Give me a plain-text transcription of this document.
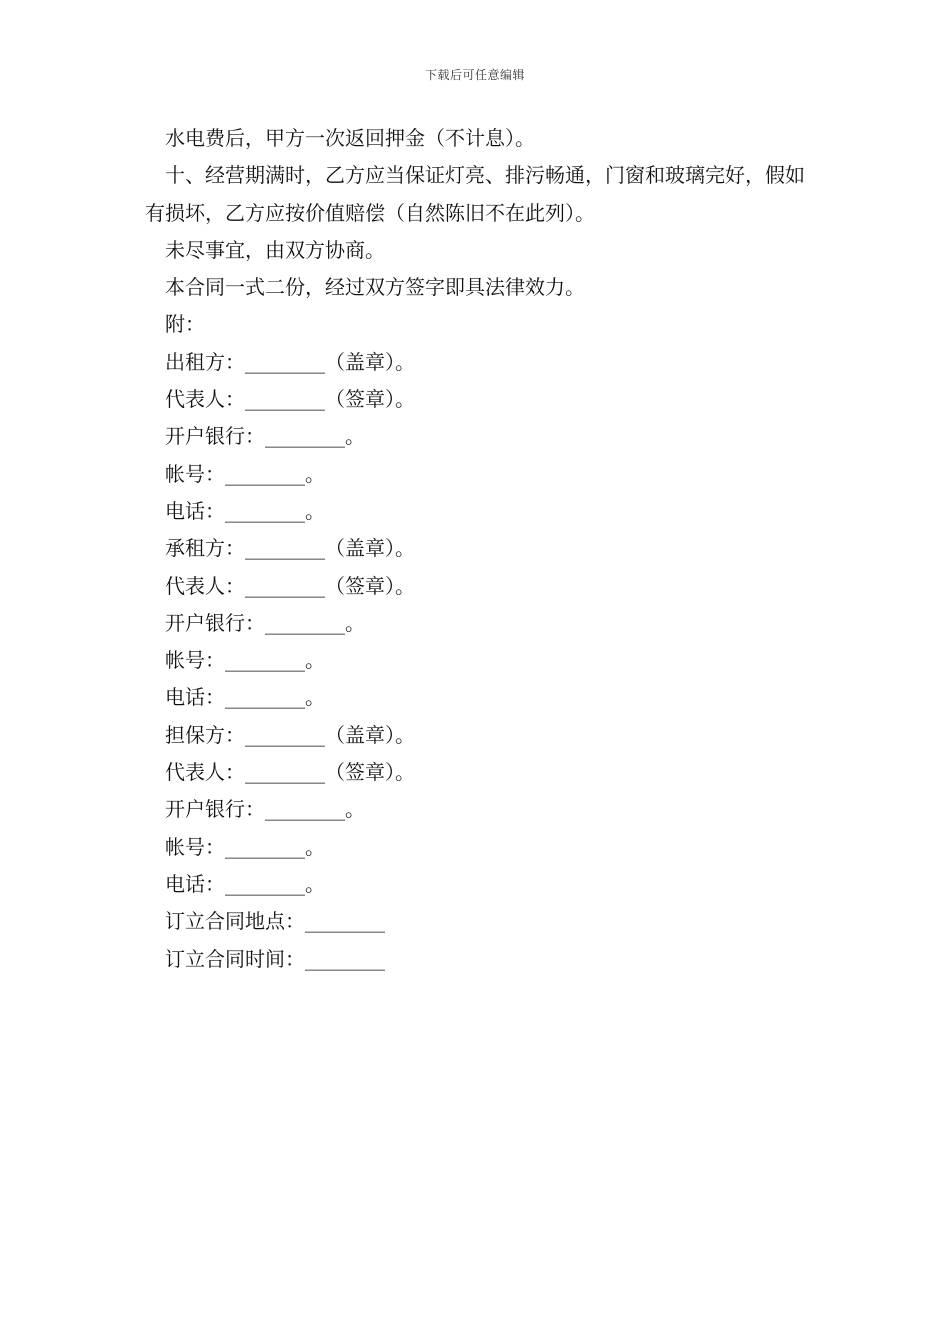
下载后可任意编辑
水电费后，甲方一次返回押金（不计息）。
十、经营期满时，乙方应当保证灯亮、排污畅通，门窗和玻璃完好，假如有损坏，乙方应按价值赔偿（自然陈旧不在此列）。
未尽事宜，由双方协商。
本合同一式二份，经过双方签字即具法律效力。
附：
出租方：________（盖章）。
代表人：________（签章）。
开户银行：________。
帐号：________。
电话：________。
承租方：________（盖章）。
代表人：________（签章）。
开户银行：________。
帐号：________。
电话：________。
担保方：________（盖章）。
代表人：________（签章）。
开户银行：________。
帐号：________。
电话：________。
订立合同地点：________
订立合同时间：________
